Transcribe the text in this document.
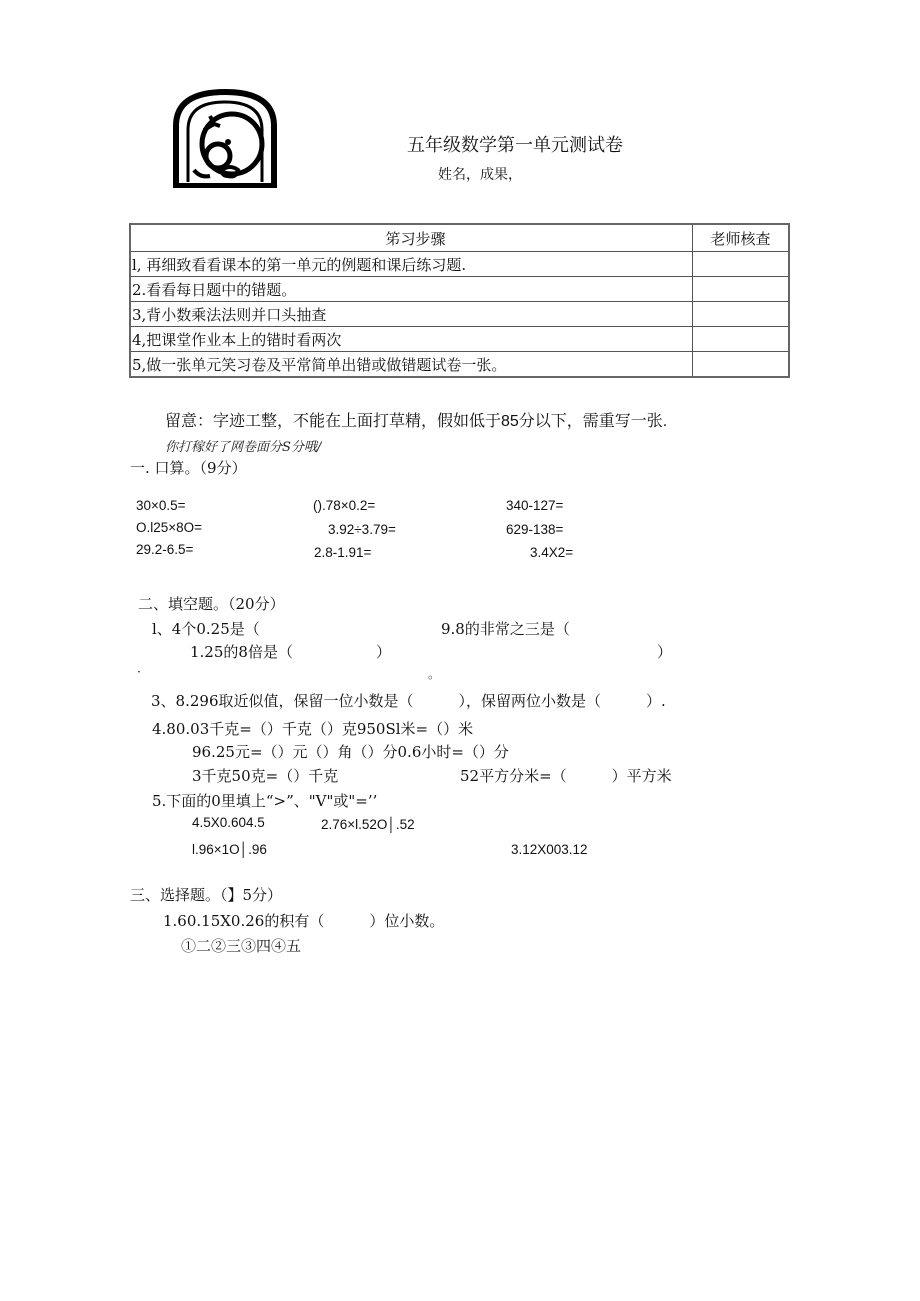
五年级数学第一单元测试卷
姓名，成果，
笫习步骤	老师核查
l, 再细致看看课本的第一单元的例题和课后练习题.	
2.看看每日题中的错题。	
3,背小数乘法法则并口头抽查	
4,把课堂作业本上的错时看两次	
5,做一张单元笑习卷及平常简单出错或做错题试卷一张。	
留意：字迹工整，不能在上面打草精，假如低于85分以下，需重写一张.
你打稼好了网卷面分S分哦/
一. 口算。（9分）
30×0.5=	().78×0.2=	340-127=
O.l25×8O=	3.92÷3.79=	629-138=
29.2-6.5=	2.8-1.91=	3.4X2=
二、填空题。（20分）
l、4个0.25是（	9.8的非常之三是（
1.25的8倍是（	）	）
·	。
3、8.296取近似值，保留一位小数是（　　　），保留两位小数是（　　　）.
4.80.03千克=（）千克（）克950Sl米=（）米
96.25元=（）元（）角（）分0.6小时=（）分
3千克50克=（）千克	52平方分米=（　　　）平方米
5.下面的0里填上“>”、"V"或"=’’
4.5X0.604.5	2.76×l.52O│.52
l.96×1O│.96	3.12X003.12
三、选择题。（】5分）
1.60.15X0.26的积有（　　　）位小数。
①二②三③四④五
